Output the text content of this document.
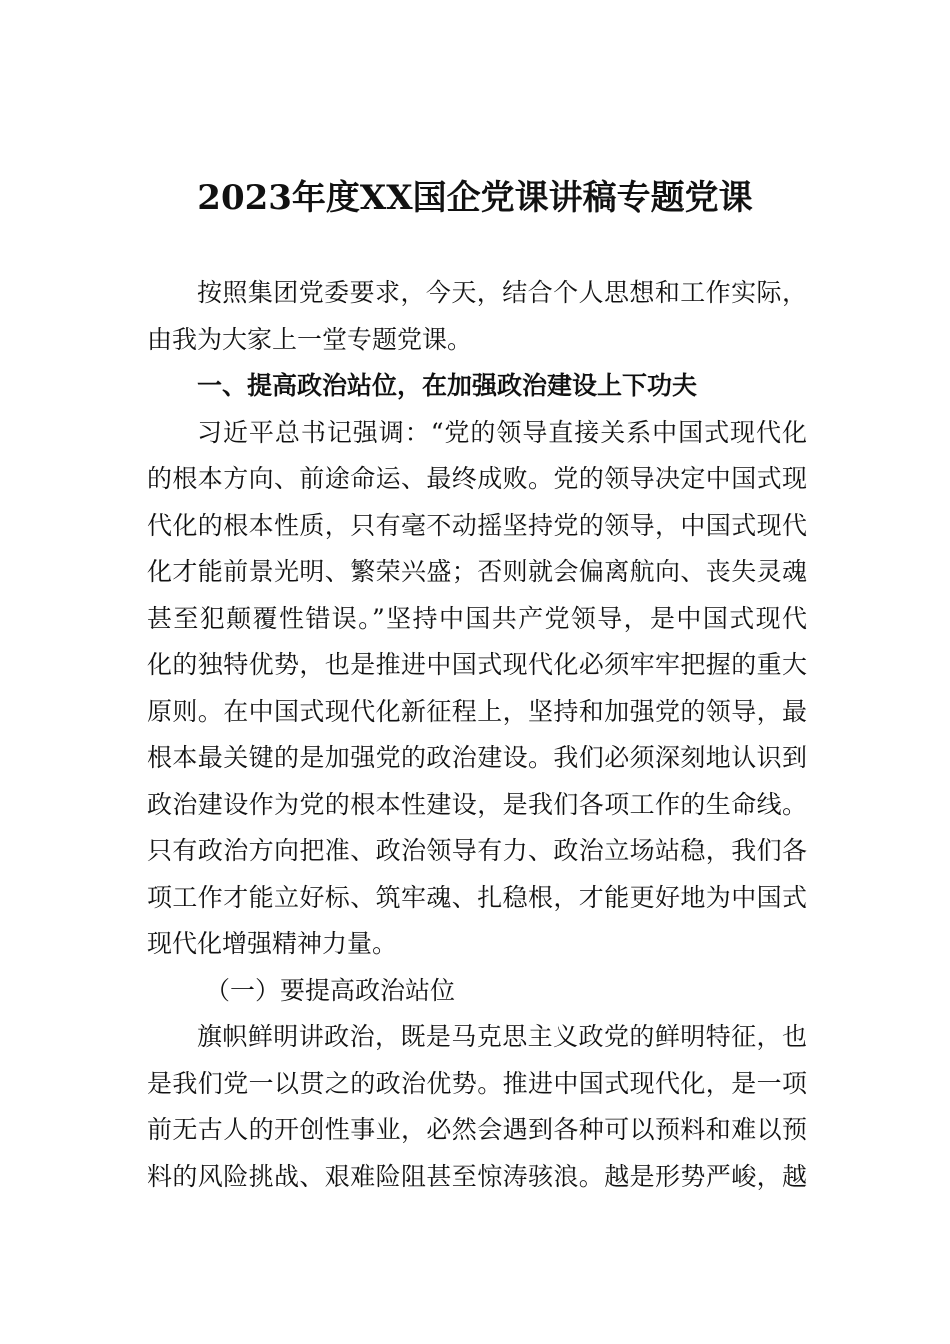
2023年度XX国企党课讲稿专题党课
按照集团党委要求，今天，结合个人思想和工作实际，
由我为大家上一堂专题党课。
一、提高政治站位，在加强政治建设上下功夫
习近平总书记强调：“党的领导直接关系中国式现代化
的根本方向、前途命运、最终成败。党的领导决定中国式现
代化的根本性质，只有毫不动摇坚持党的领导，中国式现代
化才能前景光明、繁荣兴盛；否则就会偏离航向、丧失灵魂
甚至犯颠覆性错误。”坚持中国共产党领导，是中国式现代
化的独特优势，也是推进中国式现代化必须牢牢把握的重大
原则。在中国式现代化新征程上，坚持和加强党的领导，最
根本最关键的是加强党的政治建设。我们必须深刻地认识到
政治建设作为党的根本性建设，是我们各项工作的生命线。
只有政治方向把准、政治领导有力、政治立场站稳，我们各
项工作才能立好标、筑牢魂、扎稳根，才能更好地为中国式
现代化增强精神力量。
（一）要提高政治站位
旗帜鲜明讲政治，既是马克思主义政党的鲜明特征，也
是我们党一以贯之的政治优势。推进中国式现代化，是一项
前无古人的开创性事业，必然会遇到各种可以预料和难以预
料的风险挑战、艰难险阻甚至惊涛骇浪。越是形势严峻，越
